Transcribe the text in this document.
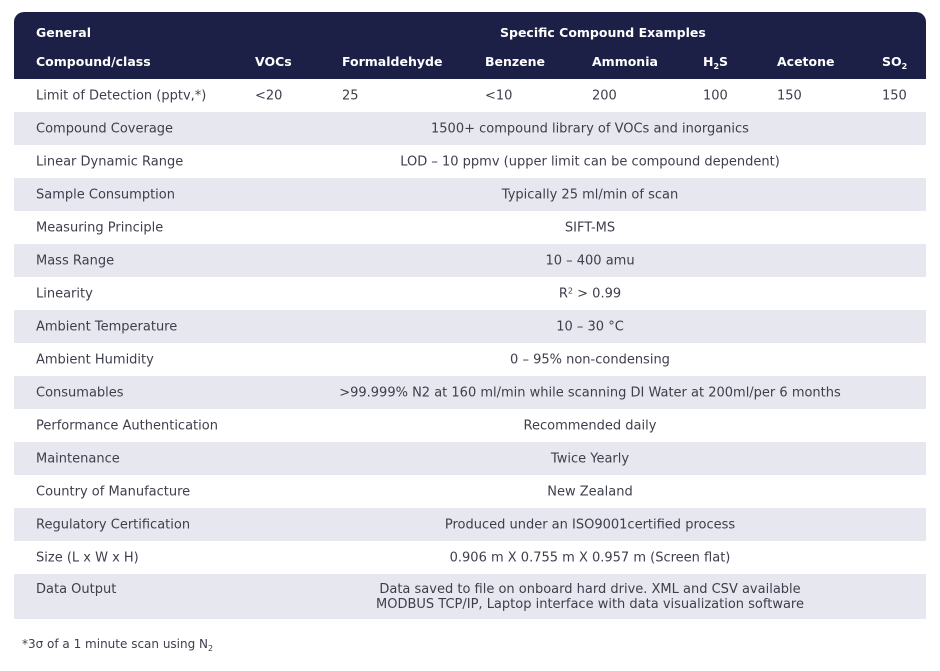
General	Specific Compound Examples
Compound/class	VOCs	Formaldehyde	Benzene	Ammonia	$H_2S$	Acetone	$SO_2$
Limit of Detection (pptv,*)	<20	25	<10	200	100	150	150
Compound Coverage	1500+ compound library of VOCs and inorganics
Linear Dynamic Range	LOD – 10 ppmv (upper limit can be compound dependent)
Sample Consumption	Typically 25 ml/min of scan
Measuring Principle	SIFT-MS
Mass Range	10 – 400 amu
Linearity	$R^2 > 0.99$
Ambient Temperature	10 – 30 °C
Ambient Humidity	0 – 95% non-condensing
Consumables	>99.999% N2 at 160 ml/min while scanning DI Water at 200ml/per 6 months
Performance Authentication	Recommended daily
Maintenance	Twice Yearly
Country of Manufacture	New Zealand
Regulatory Certification	Produced under an ISO9001certified process
Size (L x W x H)	0.906 m X 0.755 m X 0.957 m (Screen flat)
Data Output	Data saved to file on onboard hard drive. XML and CSV available
MODBUS TCP/IP, Laptop interface with data visualization software
*3σ of a 1 minute scan using $N_2$
